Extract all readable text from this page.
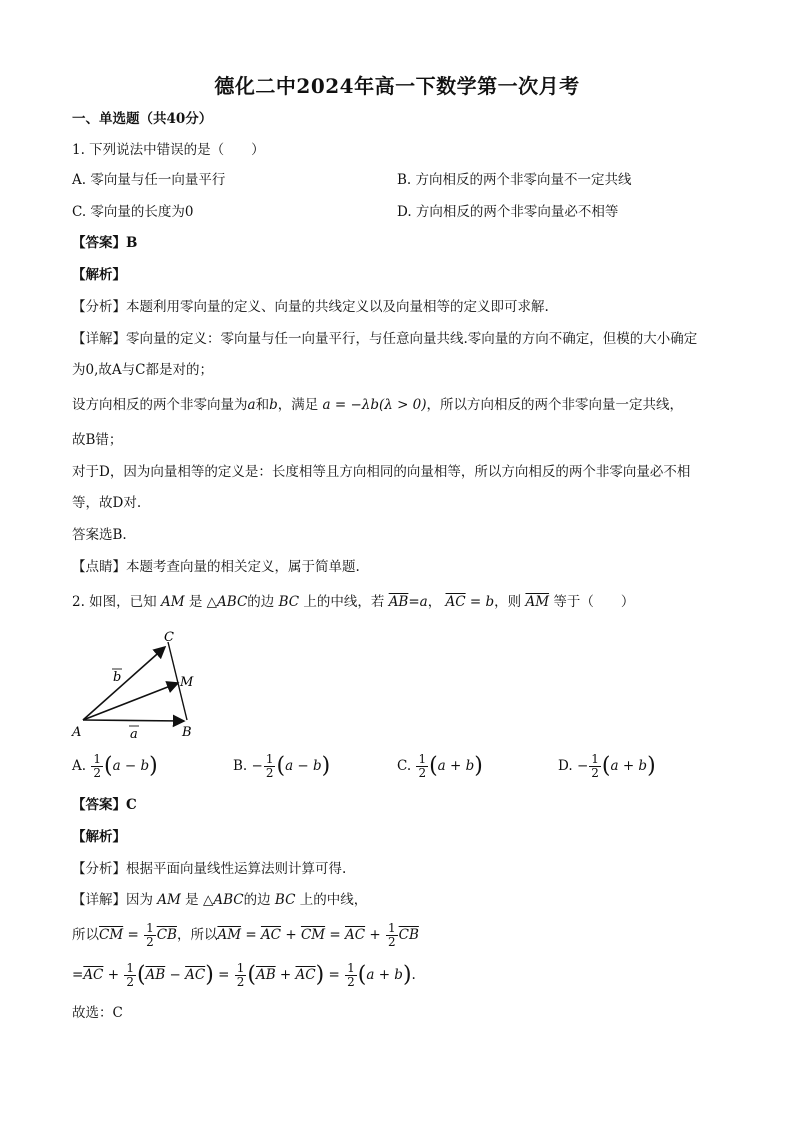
德化二中2024年高一下数学第一次月考
一、单选题（共40分）
1. 下列说法中错误的是（　　）
A. 零向量与任一向量平行	B. 方向相反的两个非零向量不一定共线
C. 零向量的长度为0	D. 方向相反的两个非零向量必不相等
【答案】B
【解析】
【分析】本题利用零向量的定义、向量的共线定义以及向量相等的定义即可求解.
【详解】零向量的定义：零向量与任一向量平行，与任意向量共线.零向量的方向不确定，但模的大小确定
为0,故A与C都是对的；
设方向相反的两个非零向量为a和b，满足 a = −λb(λ > 0)，所以方向相反的两个非零向量一定共线，
故B错；
对于D，因为向量相等的定义是：长度相等且方向相同的向量相等，所以方向相反的两个非零向量必不相
等，故D对.
答案选B.
【点睛】本题考查向量的相关定义，属于简单题.
2. 如图，已知 AM 是 △ABC的边 BC 上的中线，若 $\overline{AB}=a$， $\overline{AC} = b$，则 $\overline{AM}$ 等于（　　）
C
M
A	B
b
a
A. $\frac{1}{2} (a - b)$	B. − $\frac{1}{2} (a - b)$	C. $\frac{1}{2} (a + b)$	D. − $\frac{1}{2} (a + b)$
【答案】C
【解析】
【分析】根据平面向量线性运算法则计算可得.
【详解】因为 AM 是 △ABC的边 BC 上的中线，
所以$\overline{CM} = \frac{1}{2} \overline{CB}$，所以$\overline{AM} = \overline{AC} + \overline{CM} = \overline{AC} + \frac{1}{2} \overline{CB}$
$=\overline{AC} + \frac{1}{2} (\overline{AB} - \overline{AC}) = \frac{1}{2} (\overline{AB} + \overline{AC}) = \frac{1}{2} (a + b)$.
故选：C
